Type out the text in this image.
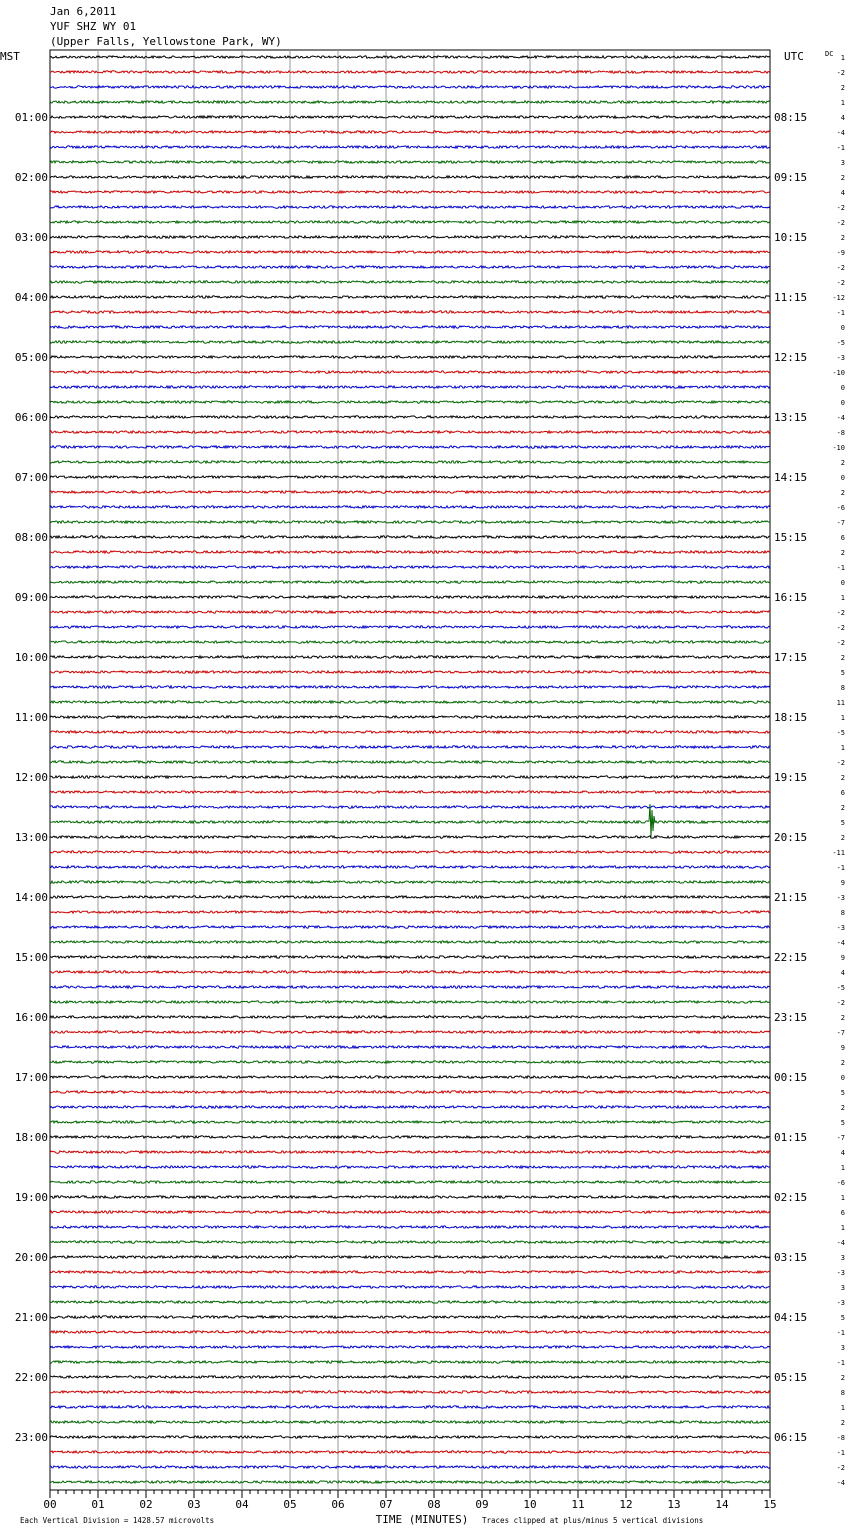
Jan 6,2011
YUF SHZ WY 01
(Upper Falls, Yellowstone Park, WY)
MST	UTC	DC
01:00	08:15
02:00	09:15
03:00	10:15
04:00	11:15
05:00	12:15
06:00	13:15
07:00	14:15
08:00	15:15
09:00	16:15
10:00	17:15
11:00	18:15
12:00	19:15
13:00	20:15
14:00	21:15
15:00	22:15
16:00	23:15
17:00	00:15
18:00	01:15
19:00	02:15
20:00	03:15
21:00	04:15
22:00	05:15
23:00	06:15
1
-2
2
1
4
-4
-1
3
2
4
-2
-2
2
-9
-2
-2
-12
-1
0
-5
-3
-10
0
0
-4
-8
-10
2
0
2
-6
-7
6
2
-1
0
1
-2
-2
-2
2
5
8
11
1
-5
1
-2
2
6
2
5
2
-11
-1
9
-3
8
-3
-4
9
4
-5
-2
2
-7
9
2
0
5
2
5
-7
4
1
-6
1
6
1
-4
3
-3
3
-3
5
-1
3
-1
2
8
1
2
-8
-1
-2
-4
00	01	02	03	04	05	06	07	08	09	10	11	12	13	14	15
Each Vertical Division = 1428.57 microvolts	TIME (MINUTES) Traces clipped at plus/minus 5 vertical divisions
